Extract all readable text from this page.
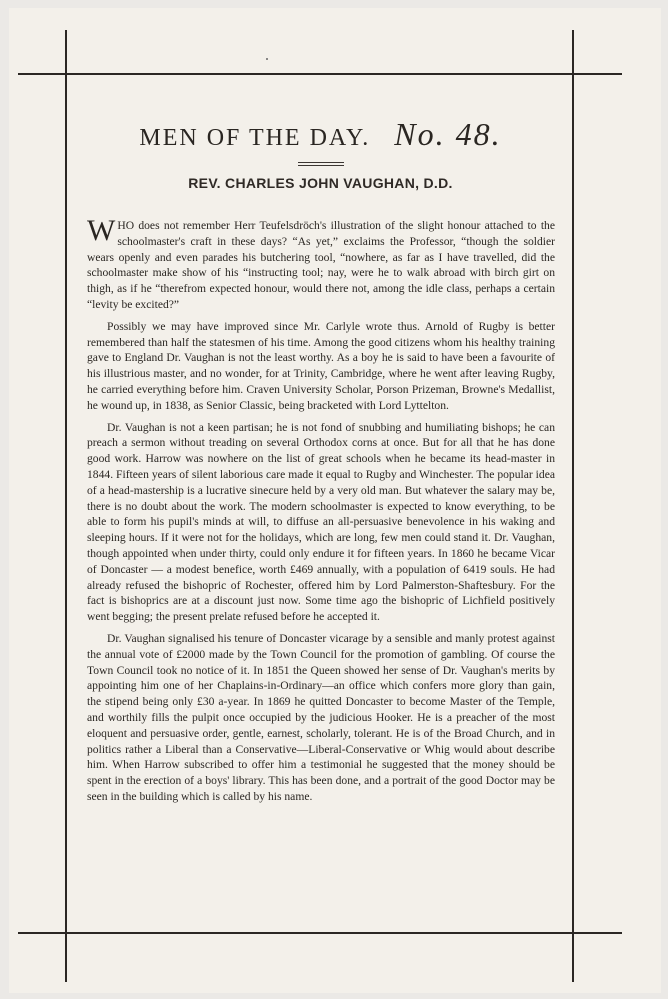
MEN OF THE DAY. No. 48.
REV. CHARLES JOHN VAUGHAN, D.D.

WHO does not remember Herr Teufelsdröch's illustration of the slight honour attached to the schoolmaster's craft in these days? “As yet,” exclaims the Professor, “though the soldier wears openly and even parades his butchering tool, “nowhere, as far as I have travelled, did the schoolmaster make show of his “instructing tool; nay, were he to walk abroad with birch girt on thigh, as if he “therefrom expected honour, would there not, among the idle class, perhaps a certain “levity be excited?”

Possibly we may have improved since Mr. Carlyle wrote thus. Arnold of Rugby is better remembered than half the statesmen of his time. Among the good citizens whom his healthy training gave to England Dr. Vaughan is not the least worthy. As a boy he is said to have been a favourite of his illustrious master, and no wonder, for at Trinity, Cambridge, where he went after leaving Rugby, he carried everything before him. Craven University Scholar, Porson Prizeman, Browne's Medallist, he wound up, in 1838, as Senior Classic, being bracketed with Lord Lyttelton.

Dr. Vaughan is not a keen partisan; he is not fond of snubbing and humiliating bishops; he can preach a sermon without treading on several Orthodox corns at once. But for all that he has done good work. Harrow was nowhere on the list of great schools when he became its head-master in 1844. Fifteen years of silent laborious care made it equal to Rugby and Winchester. The popular idea of a head-mastership is a lucrative sinecure held by a very old man. But whatever the salary may be, there is no doubt about the work. The modern schoolmaster is expected to know everything, to be able to form his pupil's minds at will, to diffuse an all-persuasive benevolence in his waking and sleeping hours. If it were not for the holidays, which are long, few men could stand it. Dr. Vaughan, though appointed when under thirty, could only endure it for fifteen years. In 1860 he became Vicar of Doncaster — a modest benefice, worth £469 annually, with a population of 6419 souls. He had already refused the bishopric of Rochester, offered him by Lord Palmerston-Shaftesbury. For the fact is bishoprics are at a discount just now. Some time ago the bishopric of Lichfield positively went begging; the present prelate refused before he accepted it.

Dr. Vaughan signalised his tenure of Doncaster vicarage by a sensible and manly protest against the annual vote of £2000 made by the Town Council for the promotion of gambling. Of course the Town Council took no notice of it. In 1851 the Queen showed her sense of Dr. Vaughan's merits by appointing him one of her Chaplains-in-Ordinary—an office which confers more glory than gain, the stipend being only £30 a-year. In 1869 he quitted Doncaster to become Master of the Temple, and worthily fills the pulpit once occupied by the judicious Hooker. He is a preacher of the most eloquent and persuasive order, gentle, earnest, scholarly, tolerant. He is of the Broad Church, and in politics rather a Liberal than a Conservative—Liberal-Conservative or Whig would about describe him. When Harrow subscribed to offer him a testimonial he suggested that the money should be spent in the erection of a boys' library. This has been done, and a portrait of the good Doctor may be seen in the building which is called by his name.
